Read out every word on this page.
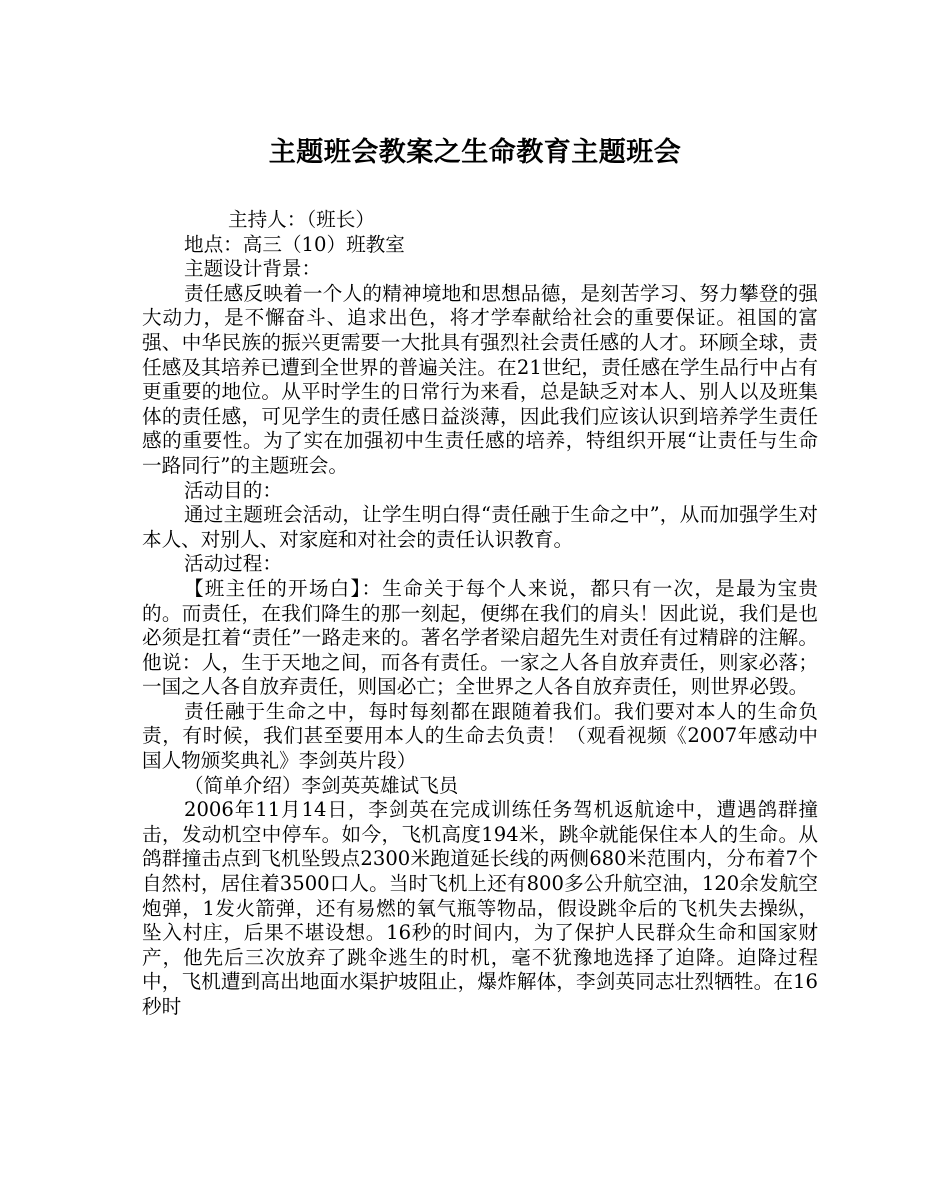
主题班会教案之生命教育主题班会

主持人：（班长）

地点：高三（10）班教室

主题设计背景：

责任感反映着一个人的精神境地和思想品德，是刻苦学习、努力攀登的强大动力，是不懈奋斗、追求出色，将才学奉献给社会的重要保证。祖国的富强、中华民族的振兴更需要一大批具有强烈社会责任感的人才。环顾全球，责任感及其培养已遭到全世界的普遍关注。在21世纪，责任感在学生品行中占有更重要的地位。从平时学生的日常行为来看，总是缺乏对本人、别人以及班集体的责任感，可见学生的责任感日益淡薄，因此我们应该认识到培养学生责任感的重要性。为了实在加强初中生责任感的培养，特组织开展“让责任与生命一路同行”的主题班会。

活动目的：

通过主题班会活动，让学生明白得“责任融于生命之中”，从而加强学生对本人、对别人、对家庭和对社会的责任认识教育。

活动过程：

【班主任的开场白】：生命关于每个人来说，都只有一次，是最为宝贵的。而责任，在我们降生的那一刻起，便绑在我们的肩头！因此说，我们是也必须是扛着“责任”一路走来的。著名学者梁启超先生对责任有过精辟的注解。他说：人，生于天地之间，而各有责任。一家之人各自放弃责任，则家必落；一国之人各自放弃责任，则国必亡；全世界之人各自放弃责任，则世界必毁。

责任融于生命之中，每时每刻都在跟随着我们。我们要对本人的生命负责，有时候，我们甚至要用本人的生命去负责！（观看视频《2007年感动中国人物颁奖典礼》李剑英片段）

（简单介绍）李剑英英雄试飞员

2006年11月14日，李剑英在完成训练任务驾机返航途中，遭遇鸽群撞击，发动机空中停车。如今，飞机高度194米，跳伞就能保住本人的生命。从鸽群撞击点到飞机坠毁点2300米跑道延长线的两侧680米范围内，分布着7个自然村，居住着3500口人。当时飞机上还有800多公升航空油，120余发航空炮弹，1发火箭弹，还有易燃的氧气瓶等物品，假设跳伞后的飞机失去操纵，坠入村庄，后果不堪设想。16秒的时间内，为了保护人民群众生命和国家财产，他先后三次放弃了跳伞逃生的时机，毫不犹豫地选择了迫降。迫降过程中，飞机遭到高出地面水渠护坡阻止，爆炸解体，李剑英同志壮烈牺牲。在16秒时
